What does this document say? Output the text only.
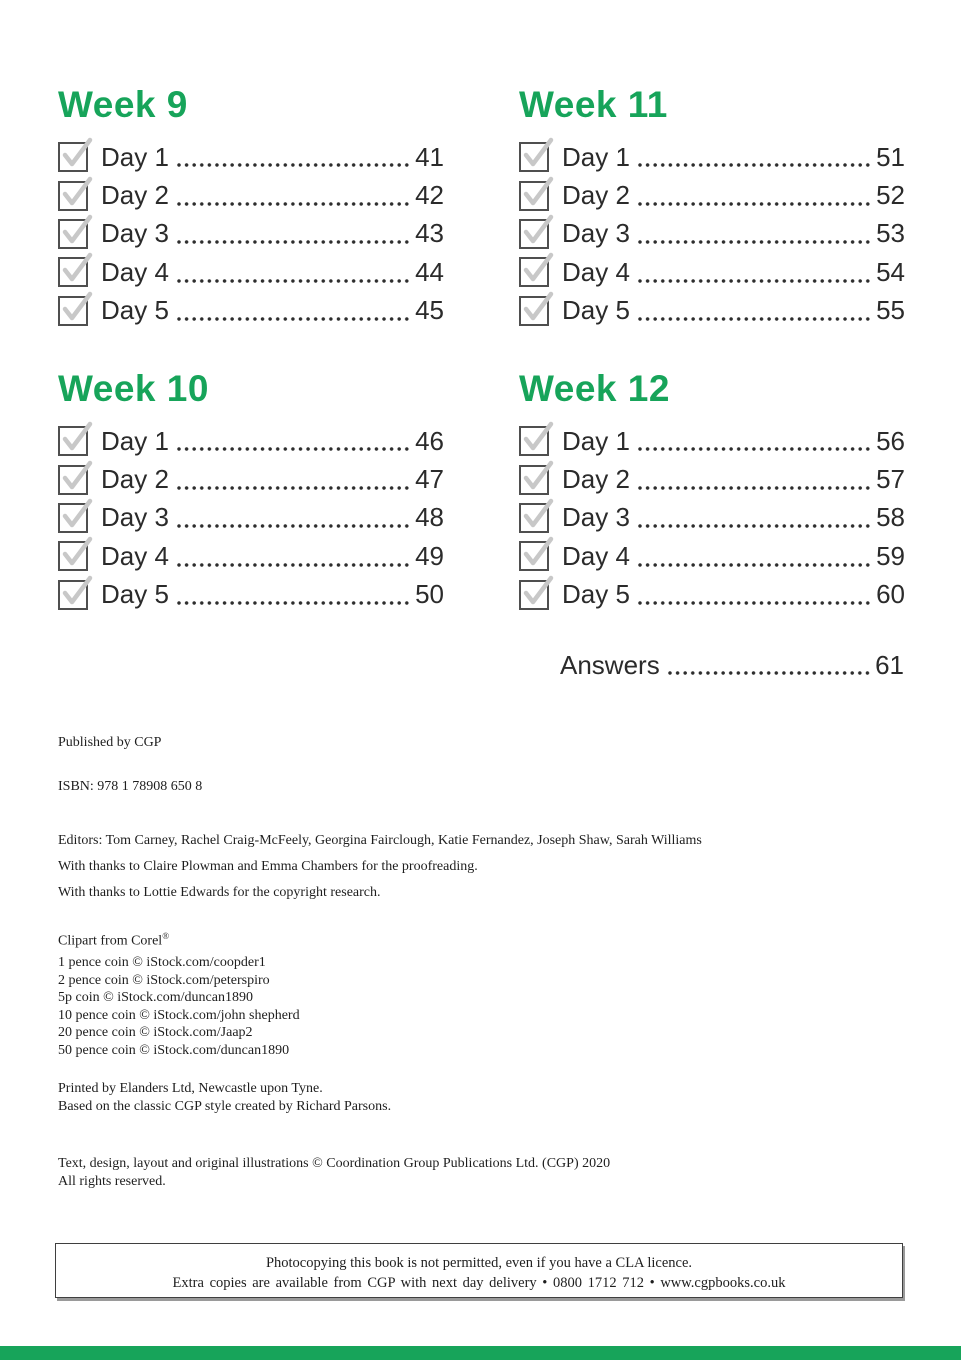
Week 9
Day 1	41
Day 2	42
Day 3	43
Day 4	44
Day 5	45
Week 11
Day 1	51
Day 2	52
Day 3	53
Day 4	54
Day 5	55
Week 10
Day 1	46
Day 2	47
Day 3	48
Day 4	49
Day 5	50
Week 12
Day 1	56
Day 2	57
Day 3	58
Day 4	59
Day 5	60
Answers	61
Published by CGP
ISBN: 978 1 78908 650 8
Editors: Tom Carney, Rachel Craig-McFeely, Georgina Fairclough, Katie Fernandez, Joseph Shaw, Sarah Williams
With thanks to Claire Plowman and Emma Chambers for the proofreading.
With thanks to Lottie Edwards for the copyright research.
Clipart from Corel®
1 pence coin © iStock.com/coopder1
2 pence coin © iStock.com/peterspiro
5p coin © iStock.com/duncan1890
10 pence coin © iStock.com/john shepherd
20 pence coin © iStock.com/Jaap2
50 pence coin © iStock.com/duncan1890
Printed by Elanders Ltd, Newcastle upon Tyne.
Based on the classic CGP style created by Richard Parsons.
Text, design, layout and original illustrations © Coordination Group Publications Ltd. (CGP) 2020
All rights reserved.
Photocopying this book is not permitted, even if you have a CLA licence.
Extra copies are available from CGP with next day delivery • 0800 1712 712 • www.cgpbooks.co.uk
